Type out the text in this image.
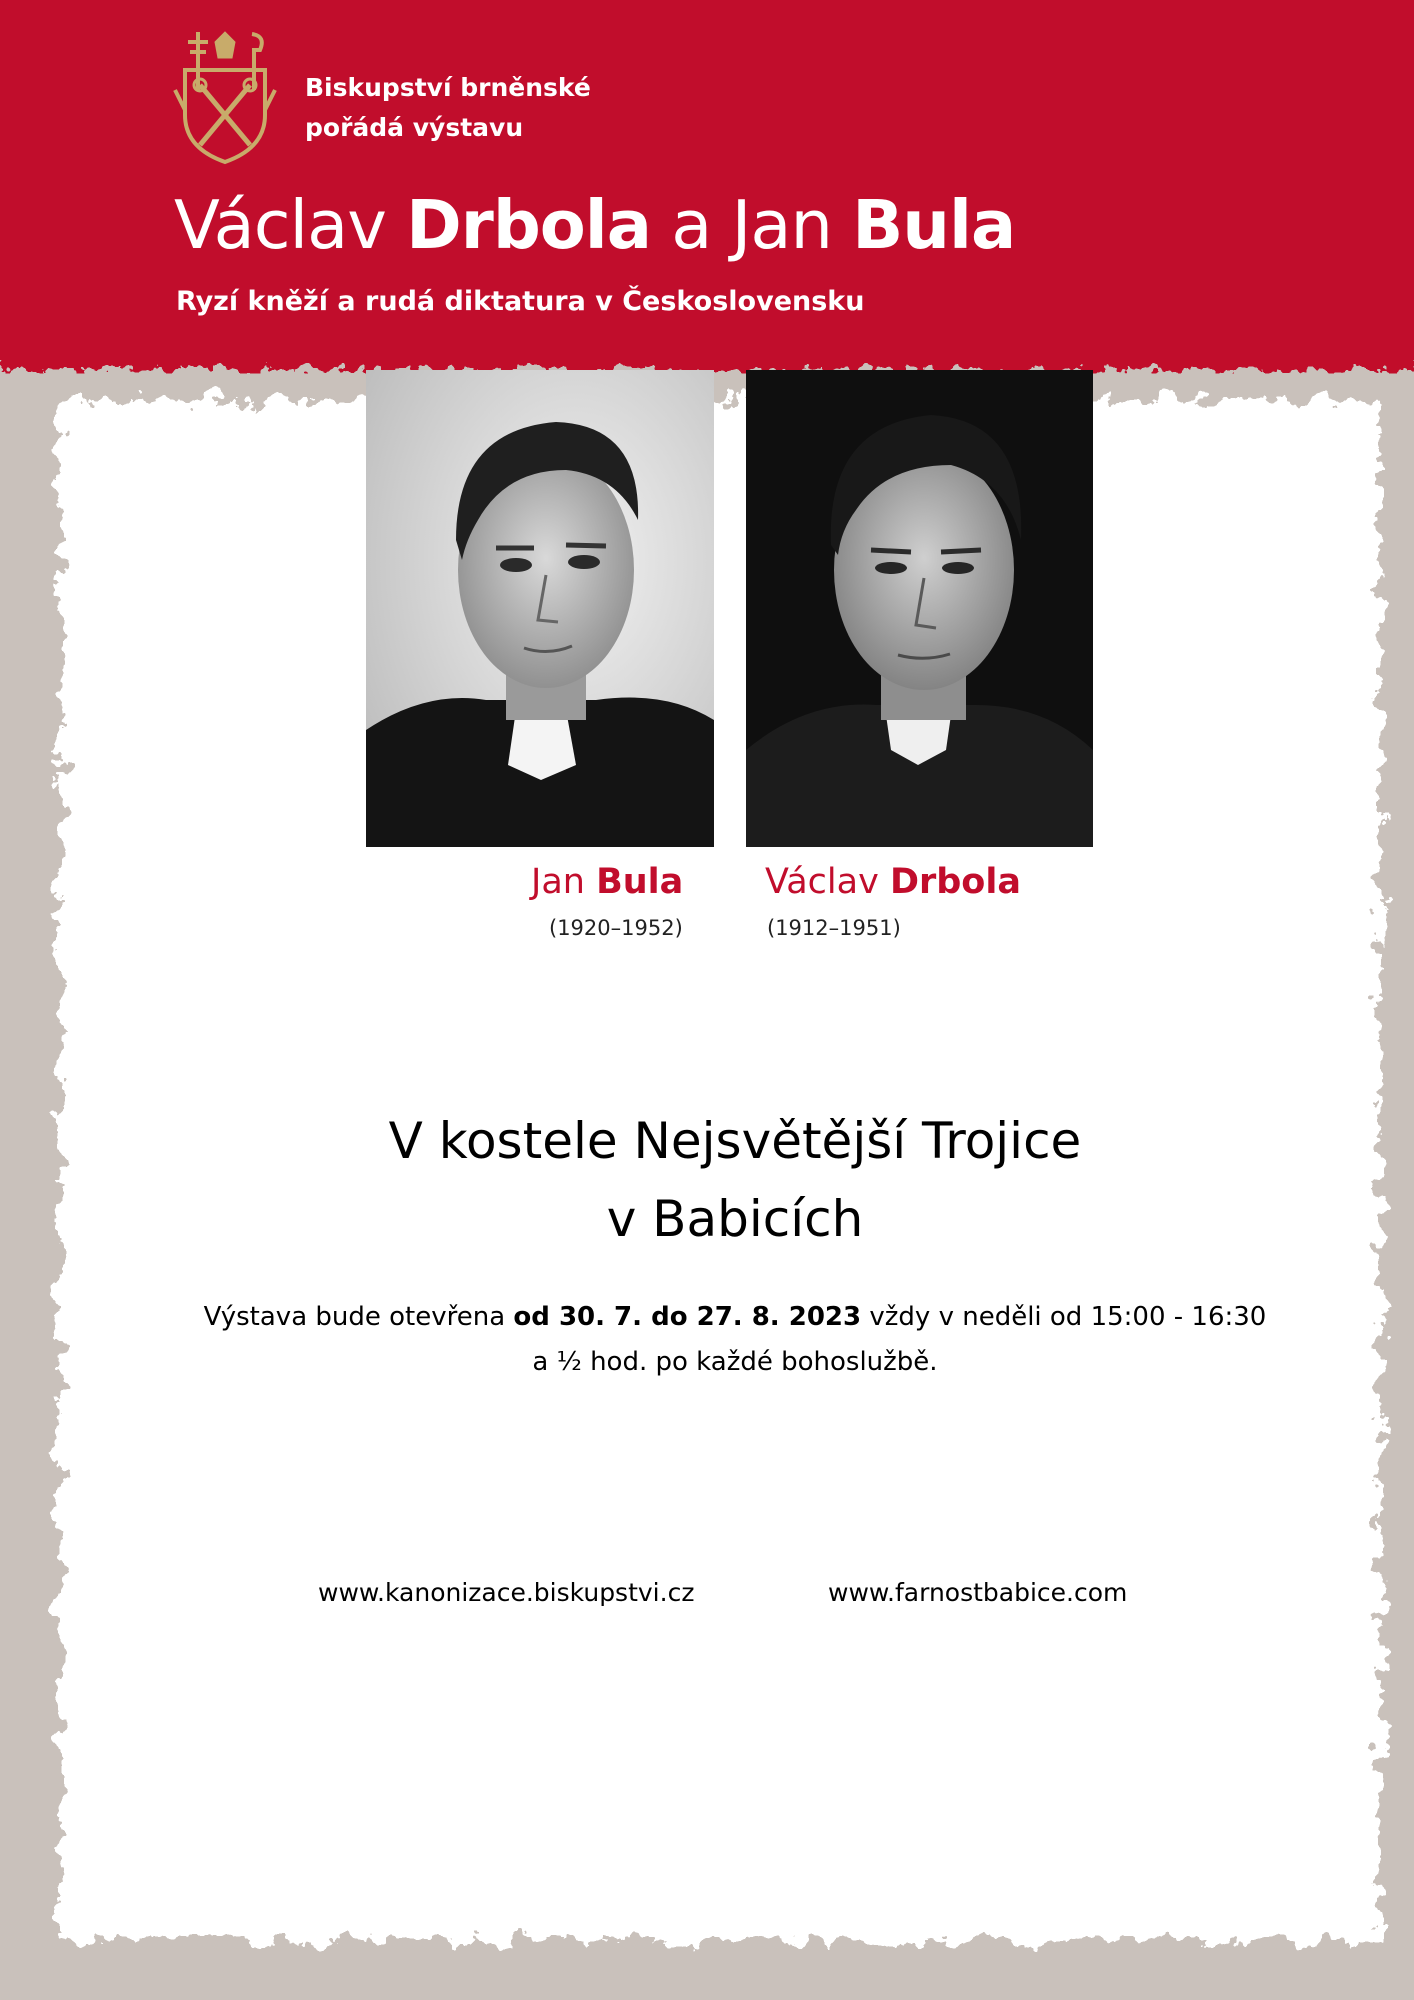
Biskupství brněnské
pořádá výstavu
Václav Drbola a Jan Bula
Ryzí kněží a rudá diktatura v Československu
Jan Bula
(1920–1952)
Václav Drbola
(1912–1951)
V kostele Nejsvětější Trojice
v Babicích
Výstava bude otevřena od 30. 7. do 27. 8. 2023 vždy v neděli od 15:00 - 16:30
a ½ hod. po každé bohoslužbě.
www.kanonizace.biskupstvi.cz	www.farnostbabice.com
